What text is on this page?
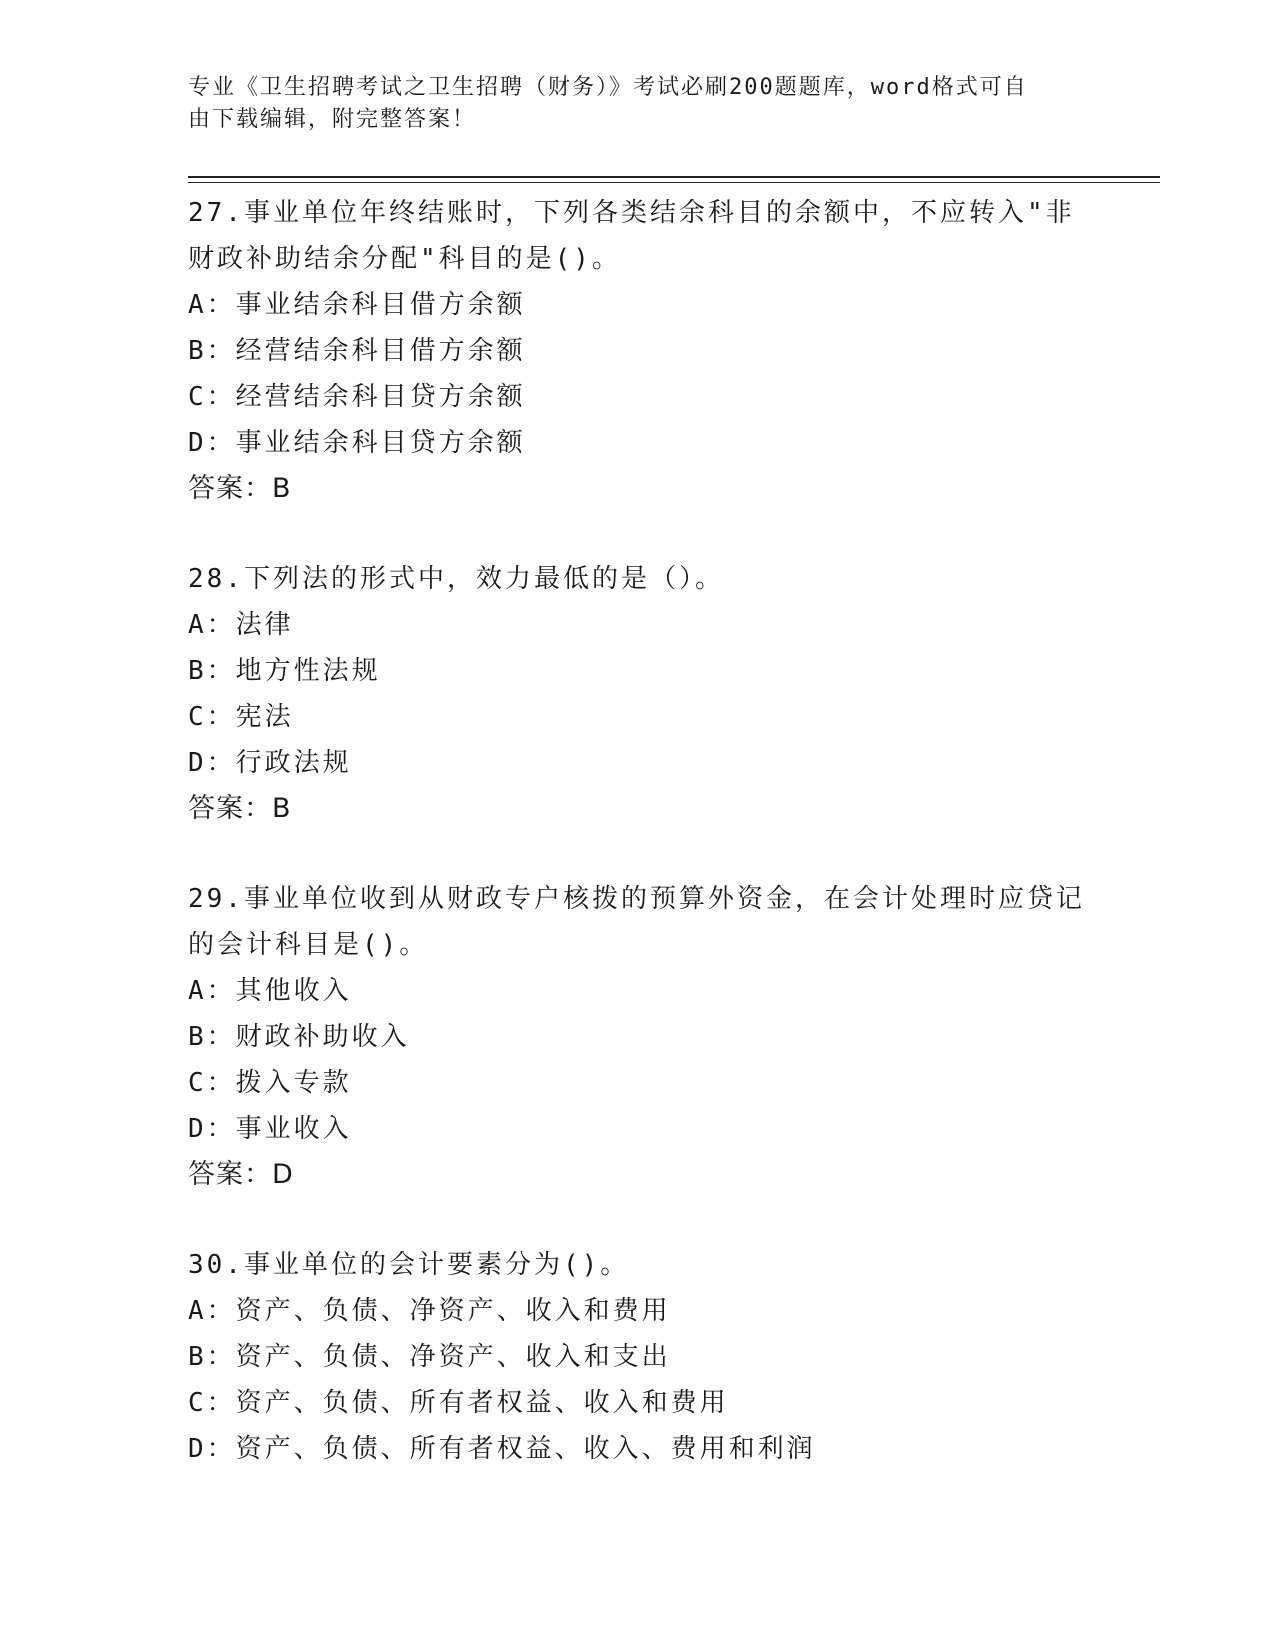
专业《卫生招聘考试之卫生招聘（财务）》考试必刷200题题库，word格式可自
由下载编辑，附完整答案！
27.事业单位年终结账时，下列各类结余科目的余额中，不应转入"非
财政补助结余分配"科目的是()。
A：事业结余科目借方余额
B：经营结余科目借方余额
C：经营结余科目贷方余额
D：事业结余科目贷方余额
答案：B
28.下列法的形式中，效力最低的是（）。
A：法律
B：地方性法规
C：宪法
D：行政法规
答案：B
29.事业单位收到从财政专户核拨的预算外资金，在会计处理时应贷记
的会计科目是()。
A：其他收入
B：财政补助收入
C：拨入专款
D：事业收入
答案：D
30.事业单位的会计要素分为()。
A：资产、负债、净资产、收入和费用
B：资产、负债、净资产、收入和支出
C：资产、负债、所有者权益、收入和费用
D：资产、负债、所有者权益、收入、费用和利润
